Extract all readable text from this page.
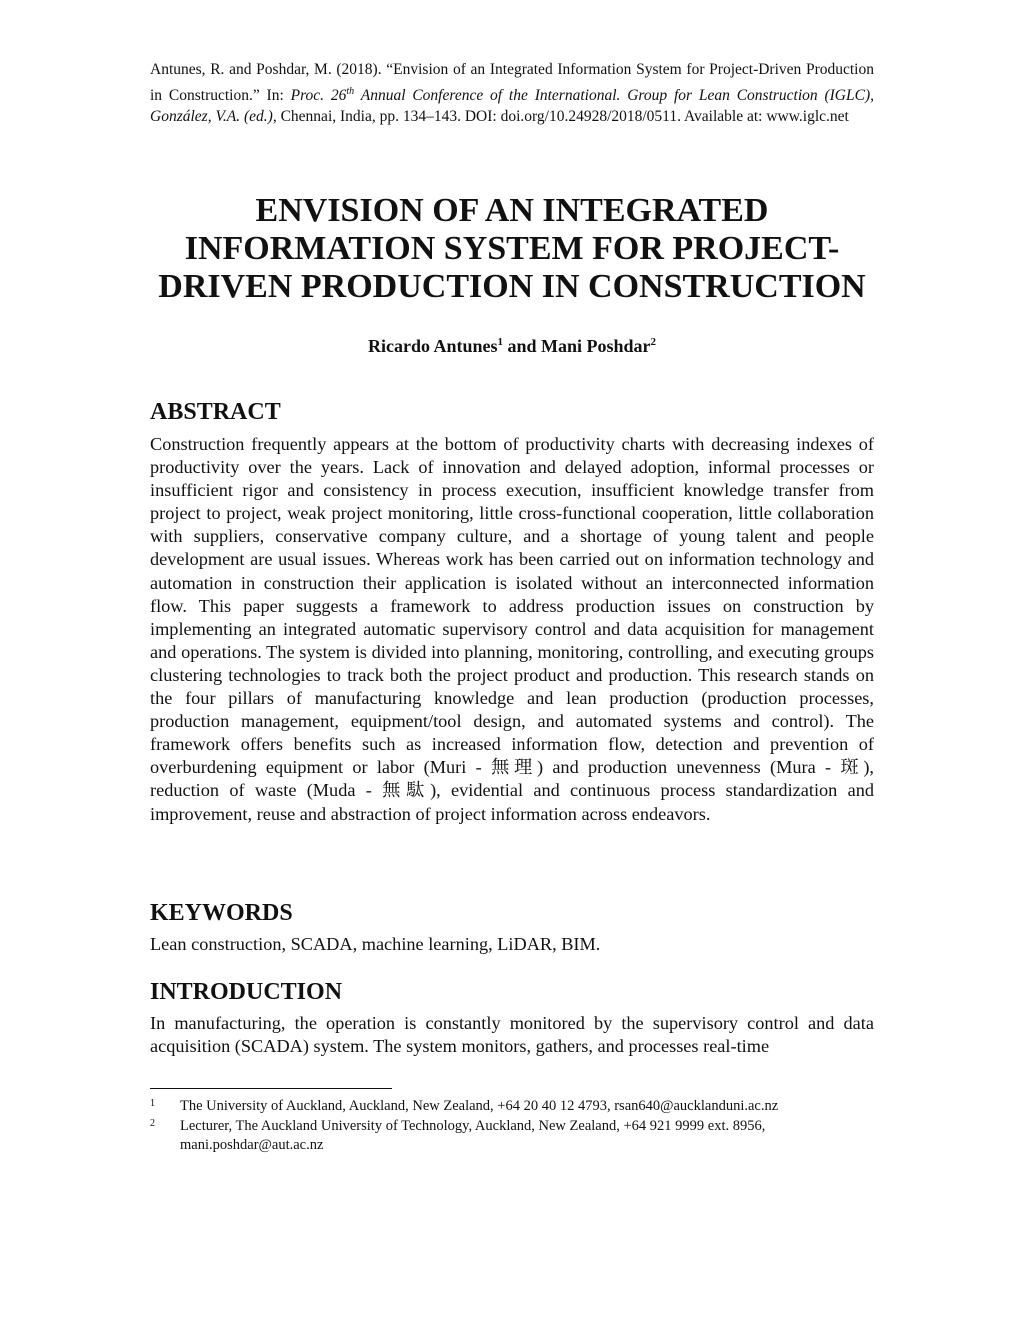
Antunes, R. and Poshdar, M. (2018). “Envision of an Integrated Information System for Project-Driven Production in Construction.” In: Proc. 26th Annual Conference of the International. Group for Lean Construction (IGLC), González, V.A. (ed.), Chennai, India, pp. 134–143. DOI: doi.org/10.24928/2018/0511. Available at: www.iglc.net
ENVISION OF AN INTEGRATED
INFORMATION SYSTEM FOR PROJECT-
DRIVEN PRODUCTION IN CONSTRUCTION
Ricardo Antunes$^1$ and Mani Poshdar$^2$
ABSTRACT

Construction frequently appears at the bottom of productivity charts with decreasing indexes of productivity over the years. Lack of innovation and delayed adoption, informal processes or insufficient rigor and consistency in process execution, insufficient knowledge transfer from project to project, weak project monitoring, little cross-functional cooperation, little collaboration with suppliers, conservative company culture, and a shortage of young talent and people development are usual issues. Whereas work has been carried out on information technology and automation in construction their application is isolated without an interconnected information flow. This paper suggests a framework to address production issues on construction by implementing an integrated automatic supervisory control and data acquisition for management and operations. The system is divided into planning, monitoring, controlling, and executing groups clustering technologies to track both the project product and production. This research stands on the four pillars of manufacturing knowledge and lean production (production processes, production management, equipment/tool design, and automated systems and control). The framework offers benefits such as increased information flow, detection and prevention of overburdening equipment or labor (Muri - 無理) and production unevenness (Mura - 斑), reduction of waste (Muda - 無駄), evidential and continuous process standardization and improvement, reuse and abstraction of project information across endeavors.

KEYWORDS

Lean construction, SCADA, machine learning, LiDAR, BIM.

INTRODUCTION

In manufacturing, the operation is constantly monitored by the supervisory control and data acquisition (SCADA) system. The system monitors, gathers, and processes real-time

1	The University of Auckland, Auckland, New Zealand, +64 20 40 12 4793, rsan640@aucklanduni.ac.nz
2	Lecturer, The Auckland University of Technology, Auckland, New Zealand, +64 921 9999 ext. 8956, mani.poshdar@aut.ac.nz
